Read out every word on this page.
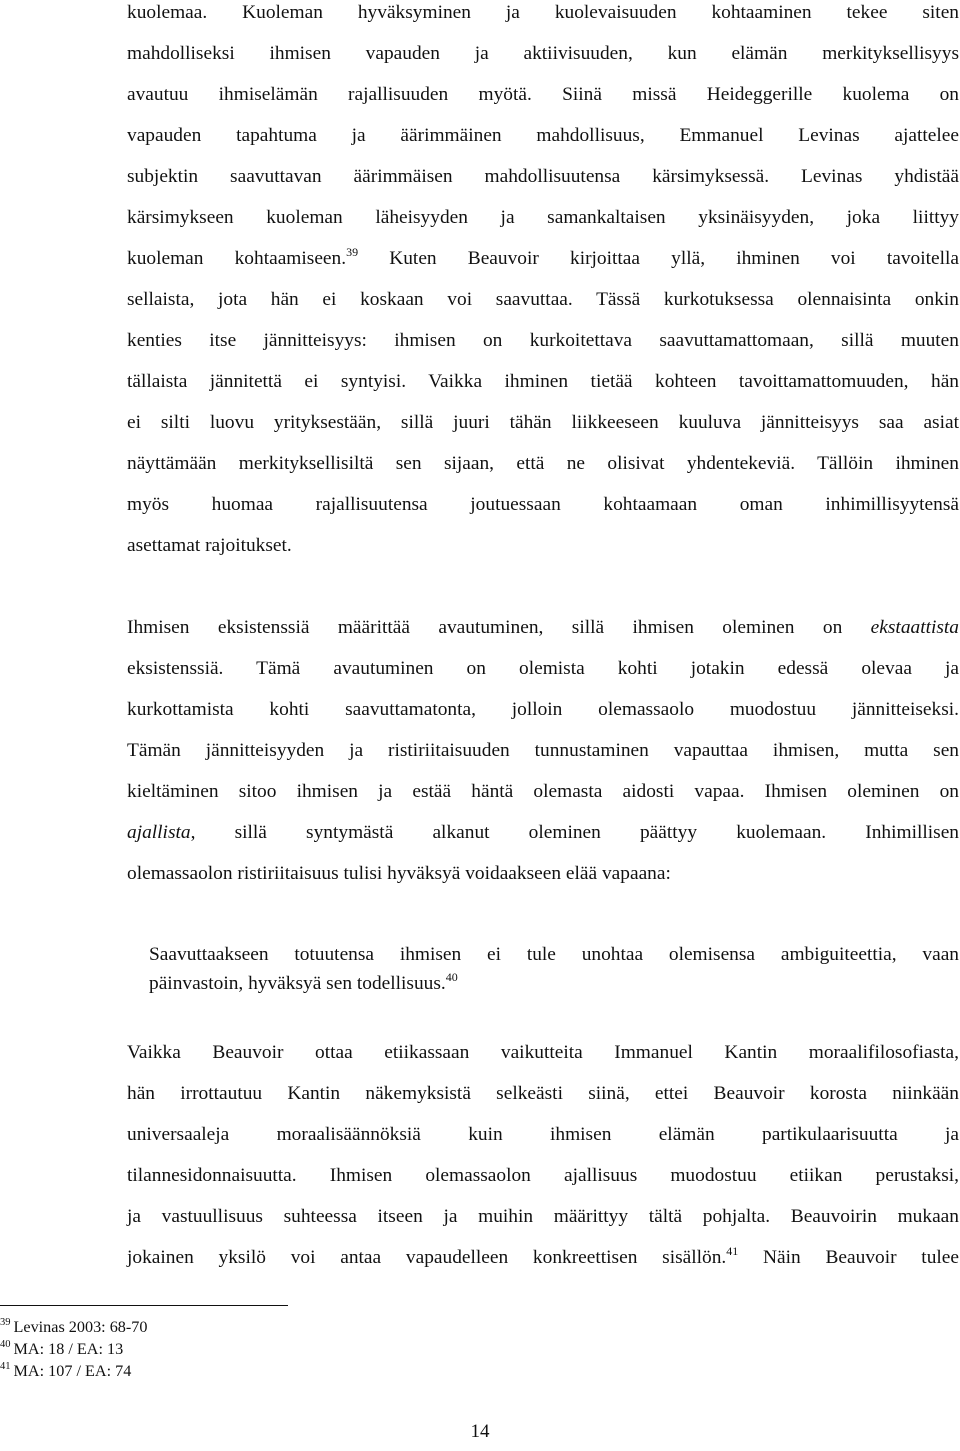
kuolemaa. Kuoleman hyväksyminen ja kuolevaisuuden kohtaaminen tekee siten
mahdolliseksi ihmisen vapauden ja aktiivisuuden, kun elämän merkityksellisyys
avautuu ihmiselämän rajallisuuden myötä. Siinä missä Heideggerille kuolema on
vapauden tapahtuma ja äärimmäinen mahdollisuus, Emmanuel Levinas ajattelee
subjektin saavuttavan äärimmäisen mahdollisuutensa kärsimyksessä. Levinas yhdistää
kärsimykseen kuoleman läheisyyden ja samankaltaisen yksinäisyyden, joka liittyy
kuoleman kohtaamiseen.$^{39}$ Kuten Beauvoir kirjoittaa yllä, ihminen voi tavoitella
sellaista, jota hän ei koskaan voi saavuttaa. Tässä kurkotuksessa olennaisinta onkin
kenties itse jännitteisyys: ihmisen on kurkoitettava saavuttamattomaan, sillä muuten
tällaista jännitettä ei syntyisi. Vaikka ihminen tietää kohteen tavoittamattomuuden, hän
ei silti luovu yrityksestään, sillä juuri tähän liikkeeseen kuuluva jännitteisyys saa asiat
näyttämään merkityksellisiltä sen sijaan, että ne olisivat yhdentekeviä. Tällöin ihminen
myös huomaa rajallisuutensa joutuessaan kohtaamaan oman inhimillisyytensä
asettamat rajoitukset.

Ihmisen eksistenssiä määrittää avautuminen, sillä ihmisen oleminen on ekstaattista
eksistenssiä. Tämä avautuminen on olemista kohti jotakin edessä olevaa ja
kurkottamista kohti saavuttamatonta, jolloin olemassaolo muodostuu jännitteiseksi.
Tämän jännitteisyyden ja ristiriitaisuuden tunnustaminen vapauttaa ihmisen, mutta sen
kieltäminen sitoo ihmisen ja estää häntä olemasta aidosti vapaa. Ihmisen oleminen on
ajallista, sillä syntymästä alkanut oleminen päättyy kuolemaan. Inhimillisen
olemassaolon ristiriitaisuus tulisi hyväksyä voidaakseen elää vapaana:

Saavuttaakseen totuutensa ihmisen ei tule unohtaa olemisensa ambiguiteettia, vaan
päinvastoin, hyväksyä sen todellisuus.$^{40}$

Vaikka Beauvoir ottaa etiikassaan vaikutteita Immanuel Kantin moraalifilosofiasta,
hän irrottautuu Kantin näkemyksistä selkeästi siinä, ettei Beauvoir korosta niinkään
universaaleja moraalisäännöksiä kuin ihmisen elämän partikulaarisuutta ja
tilannesidonnaisuutta. Ihmisen olemassaolon ajallisuus muodostuu etiikan perustaksi,
ja vastuullisuus suhteessa itseen ja muihin määrittyy tältä pohjalta. Beauvoirin mukaan
jokainen yksilö voi antaa vapaudelleen konkreettisen sisällön.$^{41}$ Näin Beauvoir tulee

$^{39}$ Levinas 2003: 68-70
$^{40}$ MA: 18 / EA: 13
$^{41}$ MA: 107 / EA: 74
14
